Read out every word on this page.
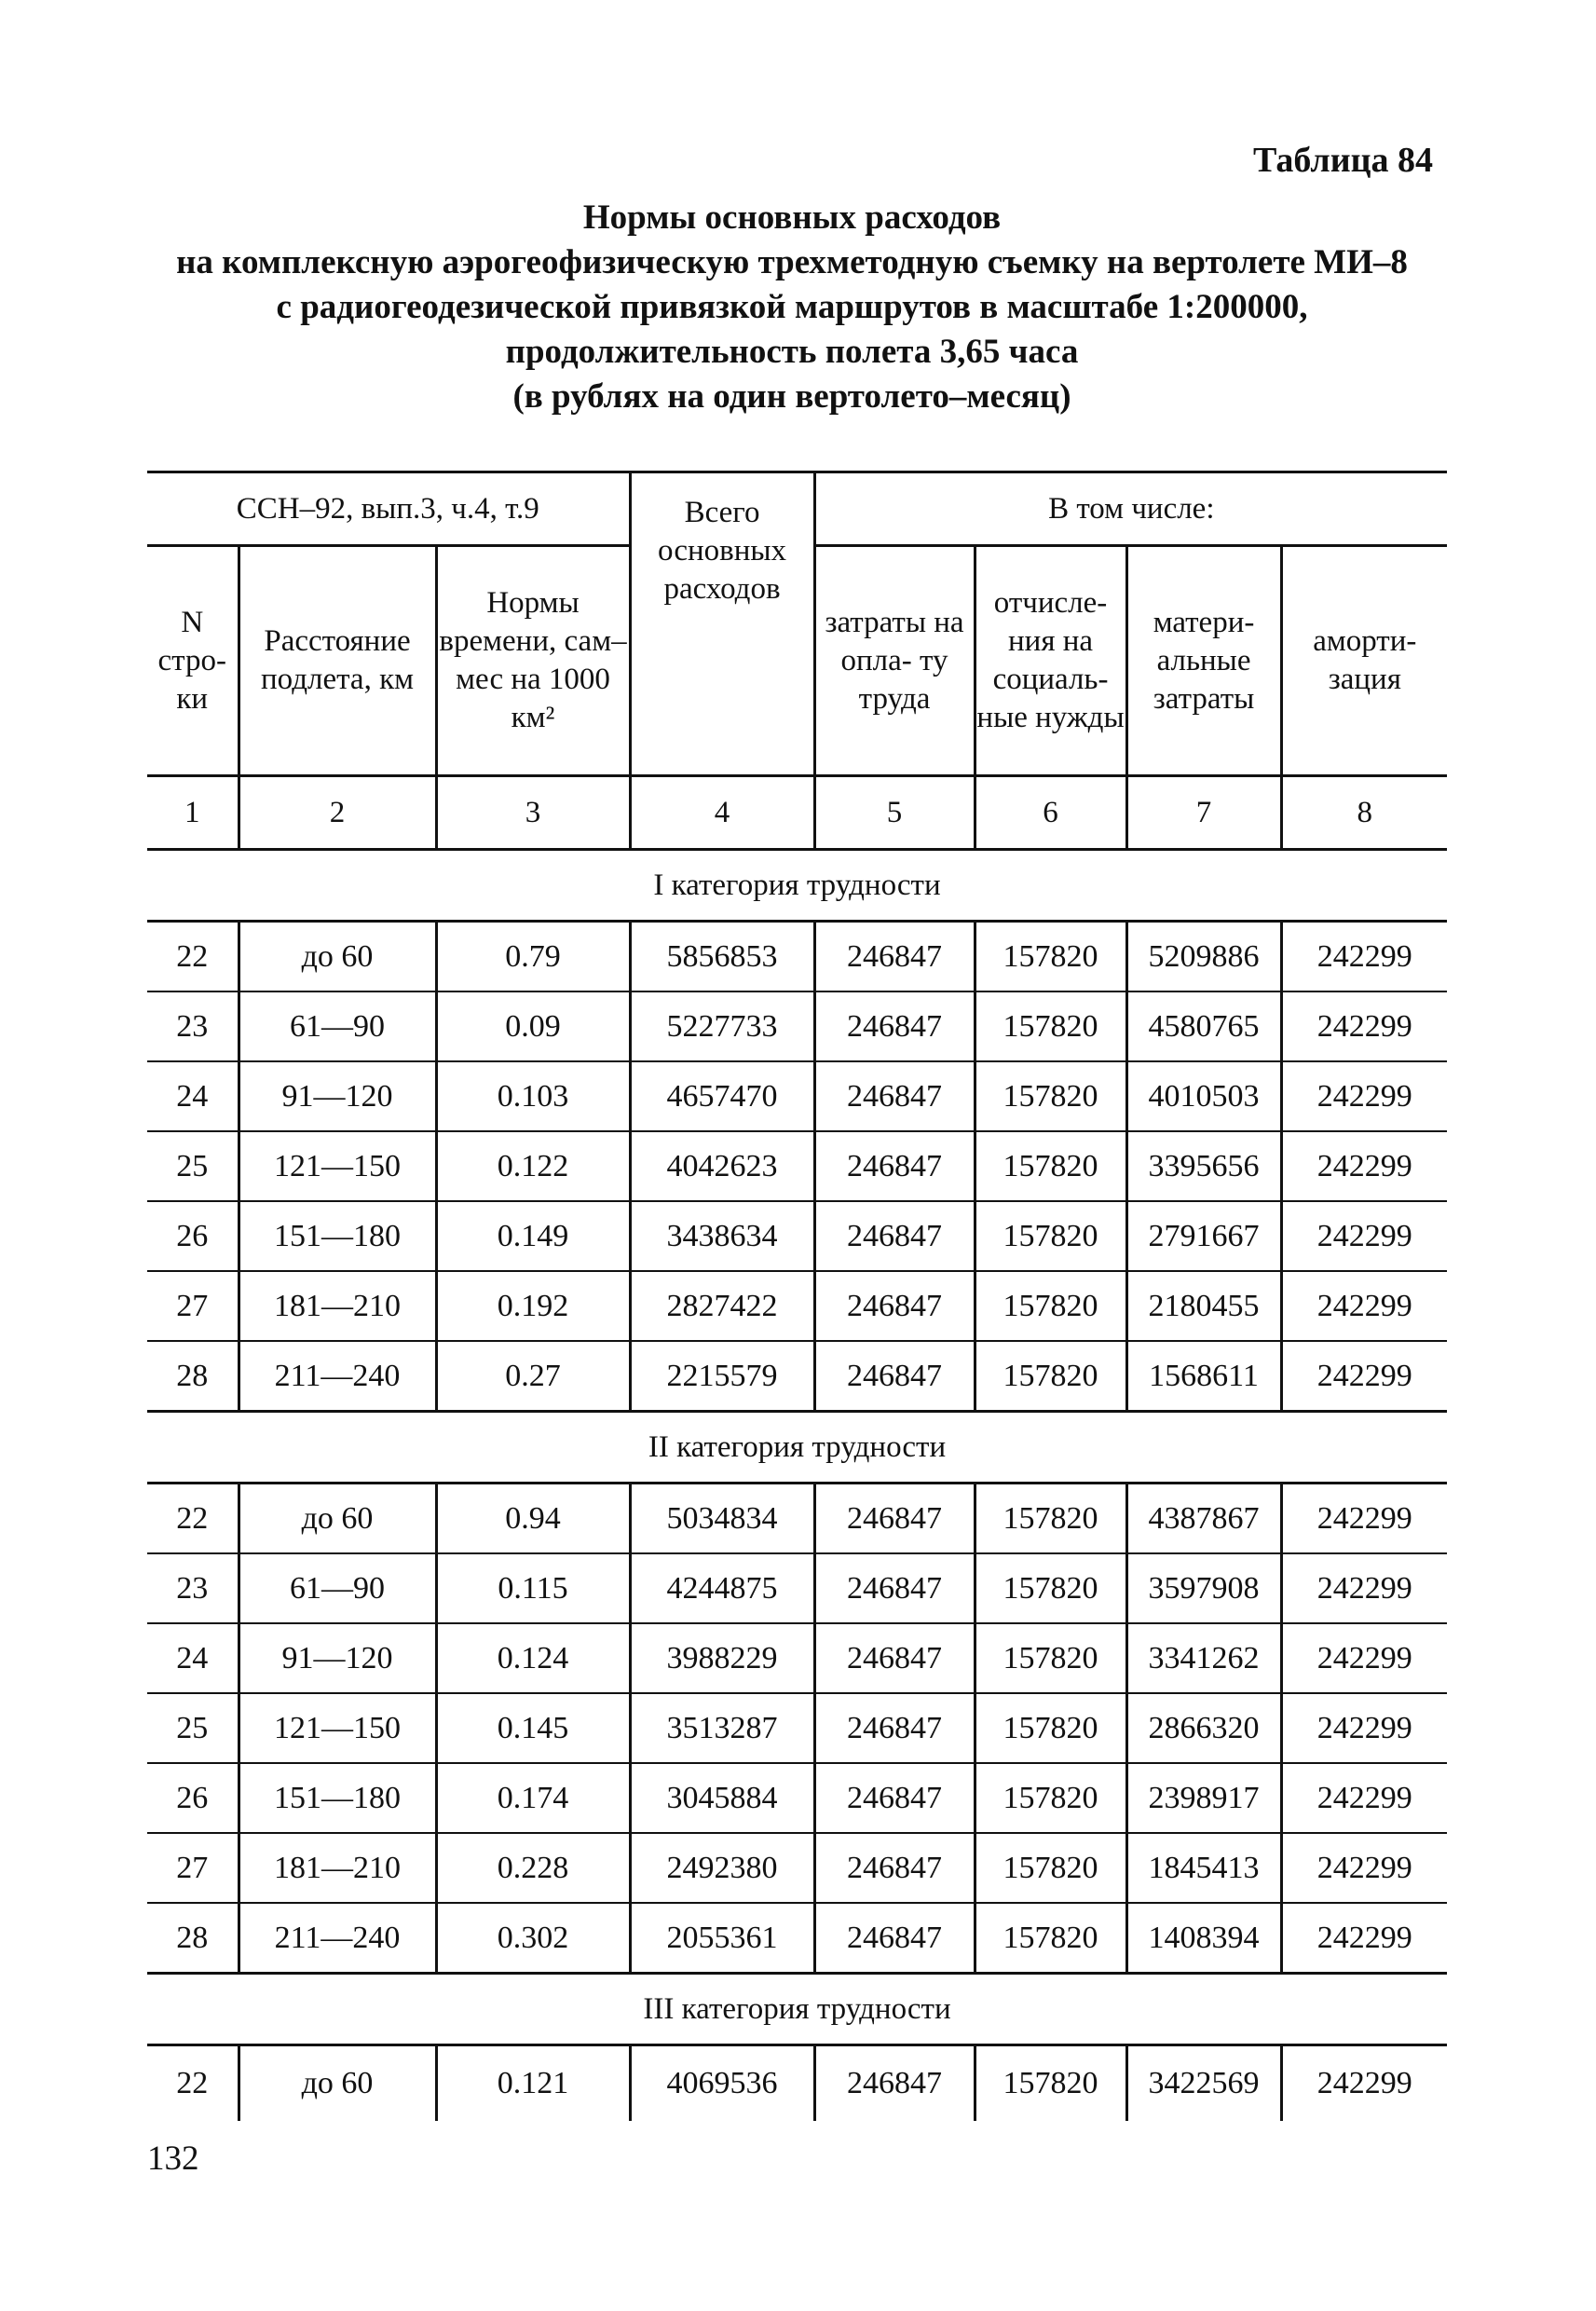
Таблица 84
Нормы основных расходов
на комплексную аэрогеофизическую трехметодную съемку на вертолете МИ–8
с радиогеодезической привязкой маршрутов в масштабе 1:200000,
продолжительность полета 3,65 часа
(в рублях на один вертолето–месяц)
ССН–92, вып.3, ч.4, т.9			Всего основных расходов	В том числе:			
N стро- ки	Расстояние подлета, км	Нормы времени, сам–мес на 1000 км²		затраты на опла- ту труда	отчисле- ния на социаль- ные нужды	матери- альные затраты	аморти- зация
1	2	3	4	5	6	7	8
I категория трудности							
22	до 60	0.79	5856853	246847	157820	5209886	242299
23	61—90	0.09	5227733	246847	157820	4580765	242299
24	91—120	0.103	4657470	246847	157820	4010503	242299
25	121—150	0.122	4042623	246847	157820	3395656	242299
26	151—180	0.149	3438634	246847	157820	2791667	242299
27	181—210	0.192	2827422	246847	157820	2180455	242299
28	211—240	0.27	2215579	246847	157820	1568611	242299
II категория трудности							
22	до 60	0.94	5034834	246847	157820	4387867	242299
23	61—90	0.115	4244875	246847	157820	3597908	242299
24	91—120	0.124	3988229	246847	157820	3341262	242299
25	121—150	0.145	3513287	246847	157820	2866320	242299
26	151—180	0.174	3045884	246847	157820	2398917	242299
27	181—210	0.228	2492380	246847	157820	1845413	242299
28	211—240	0.302	2055361	246847	157820	1408394	242299
III категория трудности							
22	до 60	0.121	4069536	246847	157820	3422569	242299
132
